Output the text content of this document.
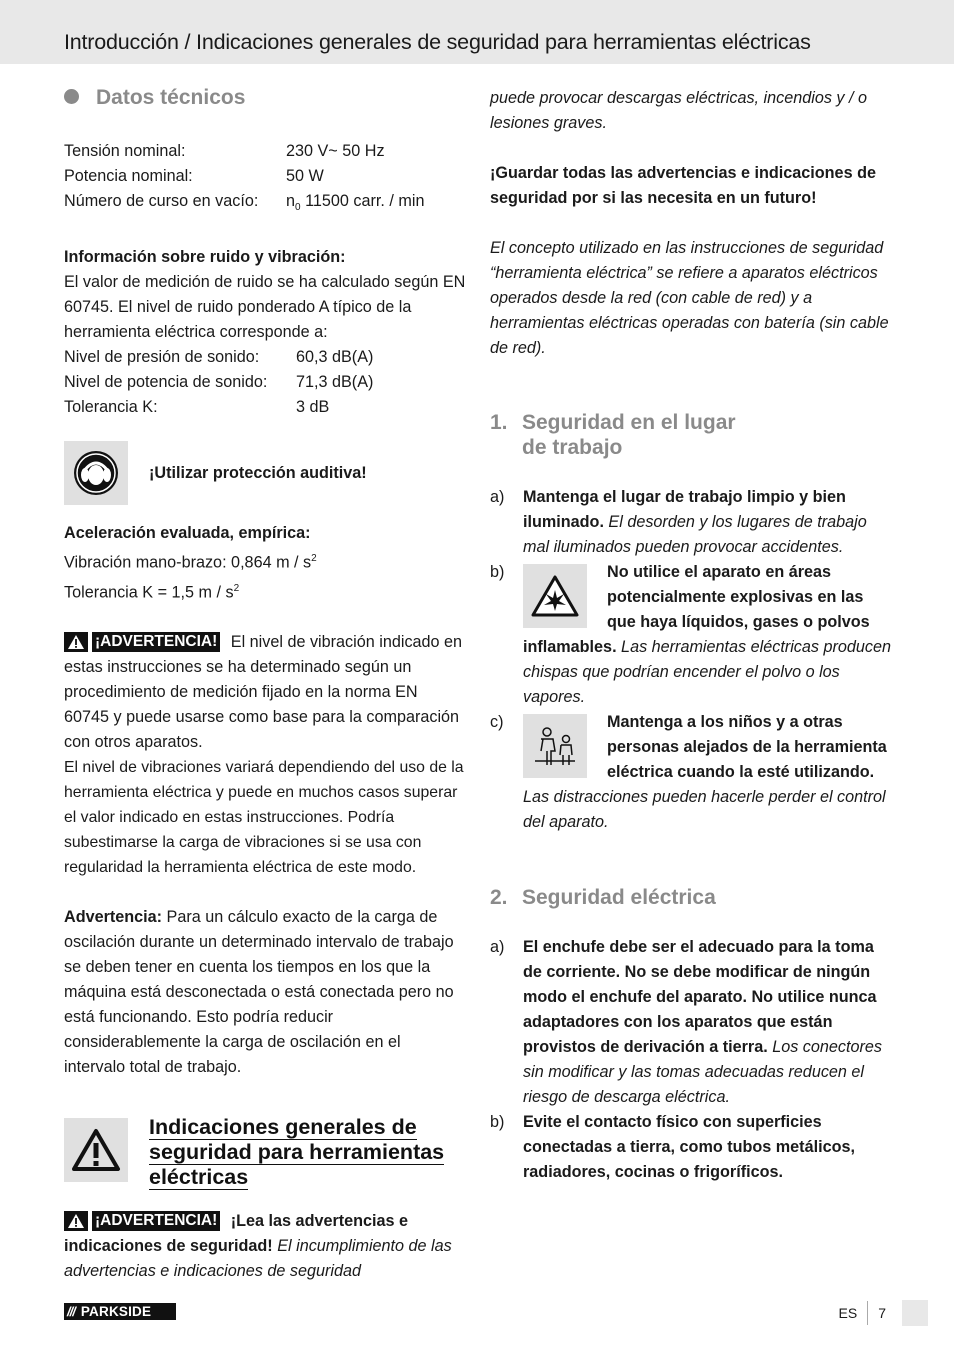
Introducción / Indicaciones generales de seguridad para herramientas eléctricas
Datos técnicos
Tensión nominal:	230 V~ 50 Hz
Potencia nominal:	50 W
Número de curso en vacío:	$n_0$ 11500 carr. / min

Información sobre ruido y vibración:

El valor de medición de ruido se ha calculado según EN 60745. El nivel de ruido ponderado A típico de la herramienta eléctrica corresponde a:

Nivel de presión de sonido:	60,3 dB(A)
Nivel de potencia de sonido:	71,3 dB(A)
Tolerancia K:	3 dB
¡Utilizar protección auditiva!

Aceleración evaluada, empírica:

Vibración mano-brazo: 0,864 m / $s^2$

Tolerancia K = 1,5 m / $s^2$

¡ADVERTENCIA! El nivel de vibración indicado en estas instrucciones se ha determinado según un procedimiento de medición fijado en la norma EN 60745 y puede usarse como base para la comparación con otros aparatos.

El nivel de vibraciones variará dependiendo del uso de la herramienta eléctrica y puede en muchos casos superar el valor indicado en estas instrucciones. Podría subestimarse la carga de vibraciones si se usa con regularidad la herramienta eléctrica de este modo.

Advertencia: Para un cálculo exacto de la carga de oscilación durante un determinado intervalo de trabajo se deben tener en cuenta los tiempos en los que la máquina está desconectada o está conectada pero no está funcionando. Esto podría reducir considerablemente la carga de oscilación en el intervalo total de trabajo.

Indicaciones generales de seguridad para herramientas eléctricas

¡ADVERTENCIA! ¡Lea las advertencias e indicaciones de seguridad! El incumplimiento de las advertencias e indicaciones de seguridad

puede provocar descargas eléctricas, incendios y / o lesiones graves.

¡Guardar todas las advertencias e indicaciones de seguridad por si las necesita en un futuro!

El concepto utilizado en las instrucciones de seguridad “herramienta eléctrica” se refiere a aparatos eléctricos operados desde la red (con cable de red) y a herramientas eléctricas operadas con batería (sin cable de red).

1. Seguridad en el lugar de trabajo
a)	Mantenga el lugar de trabajo limpio y bien iluminado. El desorden y los lugares de trabajo mal iluminados pueden provocar accidentes.
b)	No utilice el aparato en áreas potencialmente explosivas en las que haya líquidos, gases o polvos inflamables. Las herramientas eléctricas producen chispas que podrían encender el polvo o los vapores.
c)	Mantenga a los niños y a otras personas alejados de la herramienta eléctrica cuando la esté utilizando. Las distracciones pueden hacerle perder el control del aparato.
2. Seguridad eléctrica
a)	El enchufe debe ser el adecuado para la toma de corriente. No se debe modificar de ningún modo el enchufe del aparato. No utilice nunca adaptadores con los aparatos que están provistos de derivación a tierra. Los conectores sin modificar y las tomas adecuadas reducen el riesgo de descarga eléctrica.
b)	Evite el contacto físico con superficies conectadas a tierra, como tubos metálicos, radiadores, cocinas o frigoríficos.
/// PARKSIDE	ES 7
